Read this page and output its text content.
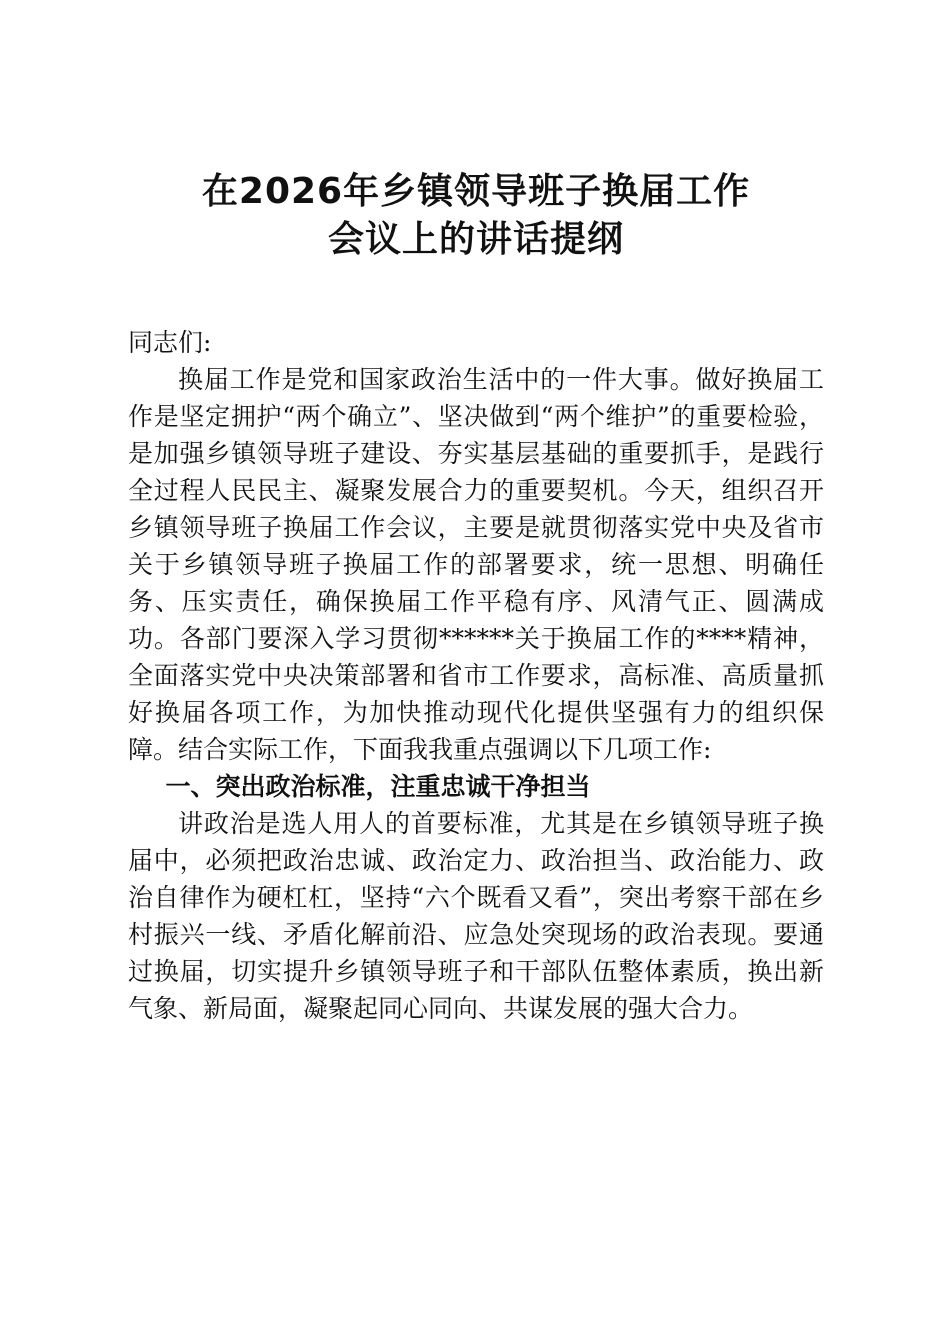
在2026年乡镇领导班子换届工作
会议上的讲话提纲

同志们:

换届工作是党和国家政治生活中的一件大事。做好换届工作是坚定拥护“两个确立”、坚决做到“两个维护”的重要检验，是加强乡镇领导班子建设、夯实基层基础的重要抓手，是践行全过程人民民主、凝聚发展合力的重要契机。今天，组织召开乡镇领导班子换届工作会议，主要是就贯彻落实党中央及省市关于乡镇领导班子换届工作的部署要求，统一思想、明确任务、压实责任，确保换届工作平稳有序、风清气正、圆满成功。各部门要深入学习贯彻******关于换届工作的****精神，全面落实党中央决策部署和省市工作要求，高标准、高质量抓好换届各项工作，为加快推动现代化提供坚强有力的组织保障。结合实际工作，下面我我重点强调以下几项工作:

一、突出政治标准，注重忠诚干净担当

讲政治是选人用人的首要标准，尤其是在乡镇领导班子换届中，必须把政治忠诚、政治定力、政治担当、政治能力、政治自律作为硬杠杠，坚持“六个既看又看”，突出考察干部在乡村振兴一线、矛盾化解前沿、应急处突现场的政治表现。要通过换届，切实提升乡镇领导班子和干部队伍整体素质，换出新气象、新局面，凝聚起同心同向、共谋发展的强大合力。
